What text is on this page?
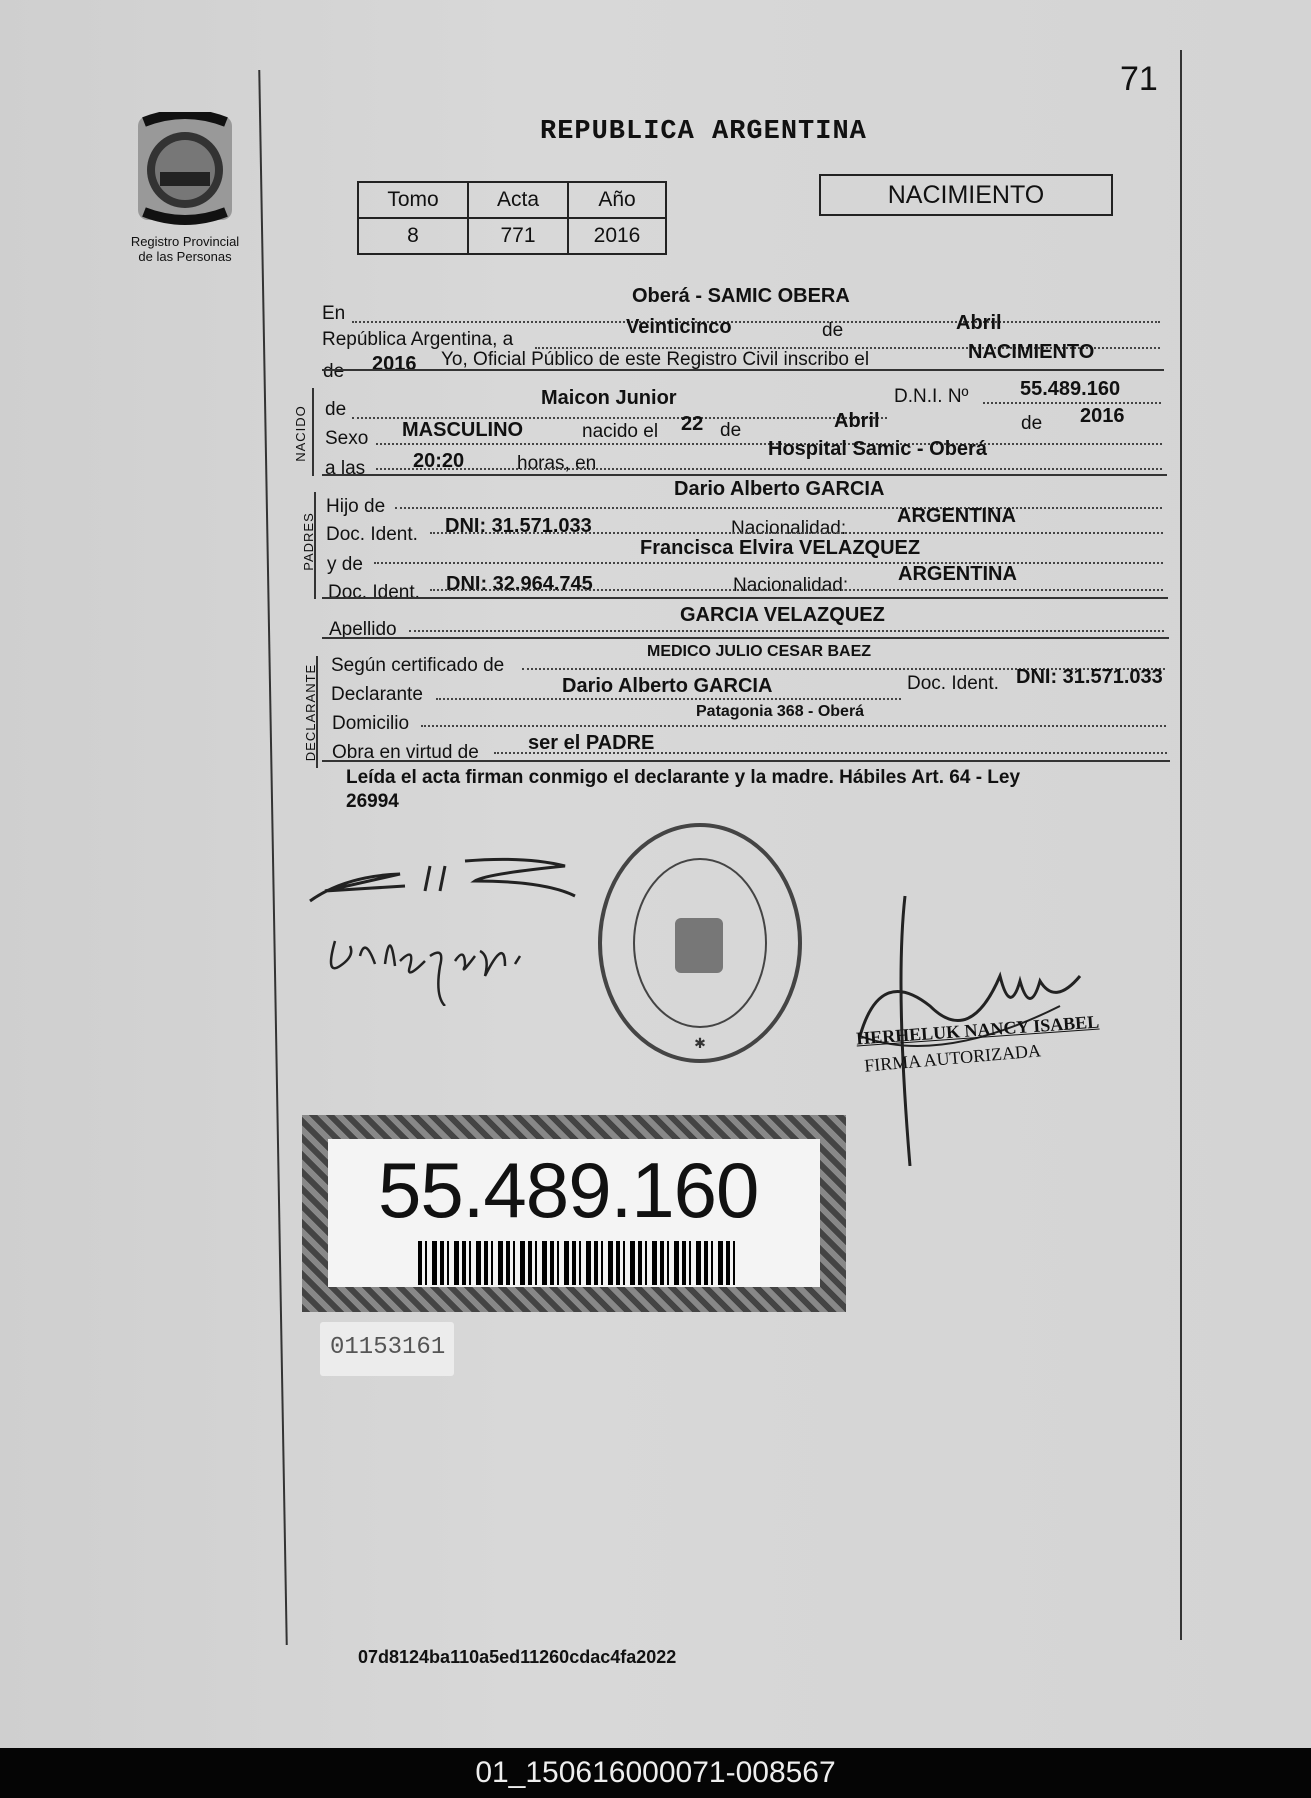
71
Registro Provincial
de las Personas
REPUBLICA ARGENTINA
Tomo	Acta	Año
8	771	2016
NACIMIENTO
En
Oberá - SAMIC OBERA
República Argentina, a
Veinticinco	de	Abril
de 2016 Yo, Oficial Público de este Registro Civil inscribo el	NACIMIENTO
NACIDO de
Maicon Junior	D.N.I. Nº	55.489.160
Sexo MASCULINO	nacido el 22 de	Abril	de 2016
a las 20:20	horas, en
Hospital Samic - Oberá
PADRES
Hijo de
Dario Alberto GARCIA
Doc. Ident. DNI: 31.571.033	Nacionalidad:
ARGENTINA
y de
Francisca Elvira VELAZQUEZ
Doc. Ident. DNI: 32.964.745	Nacionalidad:
ARGENTINA
Apellido
GARCIA VELAZQUEZ
DECLARANTE Según certificado de
MEDICO JULIO CESAR BAEZ
Declarante	Dario Alberto GARCIA	Doc. Ident. DNI: 31.571.033
Domicilio
Patagonia 368 - Oberá
Obra en virtud de ser el PADRE
Leída el acta firman conmigo el declarante y la madre. Hábiles Art. 64 - Ley
26994
✱	HERHELUK NANCY ISABEL
FIRMA AUTORIZADA
55.489.160
01153161
07d8124ba110a5ed11260cdac4fa2022
01_150616000071-008567
